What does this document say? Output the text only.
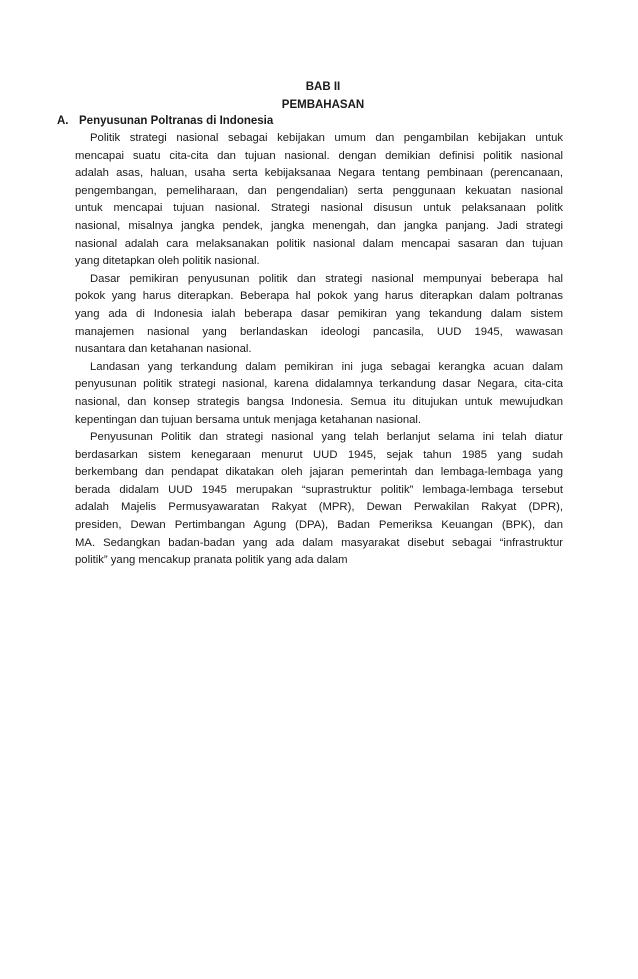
BAB II
PEMBAHASAN
A. Penyusunan Poltranas di Indonesia
Politik strategi nasional sebagai kebijakan umum dan pengambilan kebijakan untuk
mencapai suatu cita-cita dan tujuan nasional. dengan demikian definisi politik nasional
adalah asas, haluan, usaha serta kebijaksanaa Negara tentang pembinaan (perencanaan,
pengembangan, pemeliharaan, dan pengendalian) serta penggunaan kekuatan nasional
untuk mencapai tujuan nasional. Strategi nasional disusun untuk pelaksanaan politk
nasional, misalnya jangka pendek, jangka menengah, dan jangka panjang. Jadi strategi
nasional adalah cara melaksanakan politik nasional dalam mencapai sasaran dan tujuan
yang ditetapkan oleh politik nasional.
Dasar pemikiran penyusunan politik dan strategi nasional mempunyai beberapa hal
pokok yang harus diterapkan. Beberapa hal pokok yang harus diterapkan dalam poltranas
yang ada di Indonesia ialah beberapa dasar pemikiran yang tekandung dalam sistem
manajemen nasional yang berlandaskan ideologi pancasila, UUD 1945, wawasan
nusantara dan ketahanan nasional.
Landasan yang terkandung dalam pemikiran ini juga sebagai kerangka acuan dalam
penyusunan politik strategi nasional, karena didalamnya terkandung dasar Negara, cita-cita
nasional, dan konsep strategis bangsa Indonesia. Semua itu ditujukan untuk mewujudkan
kepentingan dan tujuan bersama untuk menjaga ketahanan nasional.
Penyusunan Politik dan strategi nasional yang telah berlanjut selama ini telah diatur
berdasarkan sistem kenegaraan menurut UUD 1945, sejak tahun 1985 yang sudah
berkembang dan pendapat dikatakan oleh jajaran pemerintah dan lembaga-lembaga yang
berada didalam UUD 1945 merupakan “suprastruktur politik” lembaga-lembaga tersebut
adalah Majelis Permusyawaratan Rakyat (MPR), Dewan Perwakilan Rakyat (DPR),
presiden, Dewan Pertimbangan Agung (DPA), Badan Pemeriksa Keuangan (BPK), dan
MA. Sedangkan badan-badan yang ada dalam masyarakat disebut sebagai “infrastruktur
politik” yang mencakup pranata politik yang ada dalam
